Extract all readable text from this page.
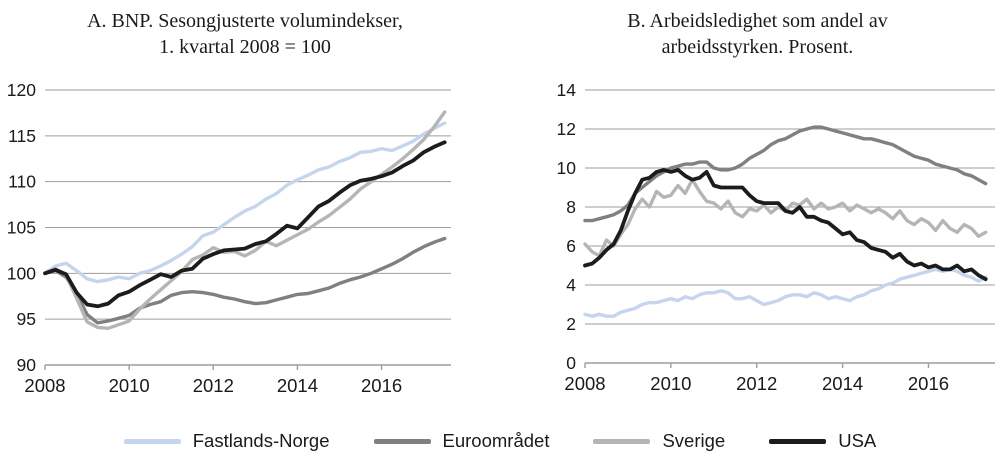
A. BNP. Sesongjusterte volumindekser,
1. kvartal 2008 = 100
B. Arbeidsledighet som andel av
arbeidsstyrken. Prosent.
90
95
100
105
110
115
120
2008 2010 2012 2014 2016
0
2
4
6
8
10
12
14
2008 2010 2012 2014 2016
Fastlands-Norge	Euroområdet	Sverige	USA
